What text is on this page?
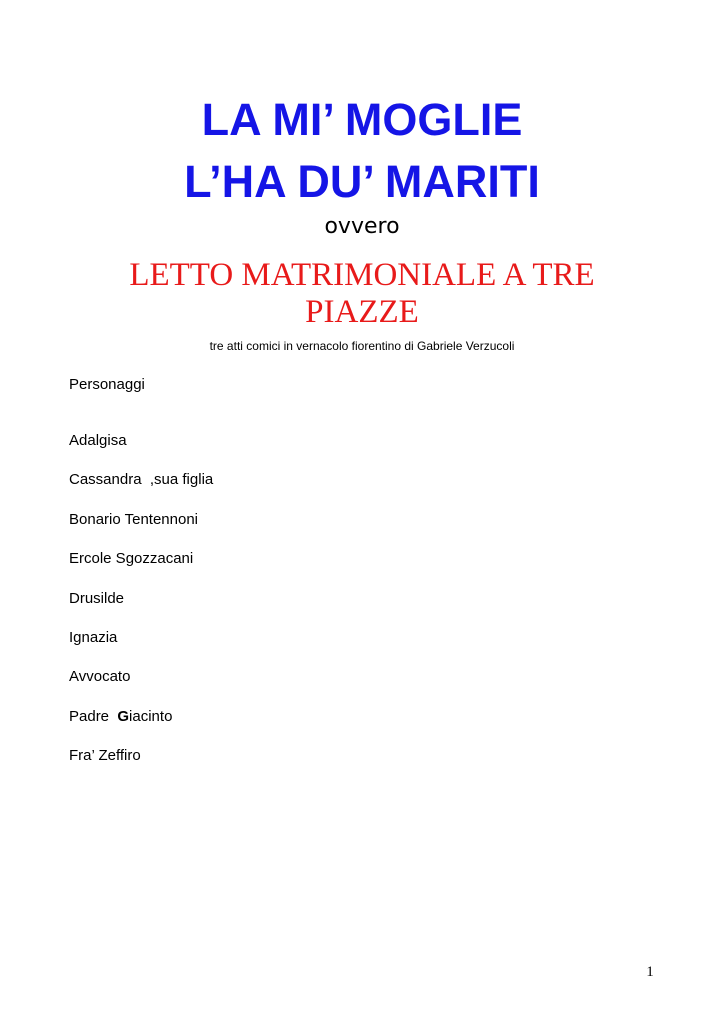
LA MI’ MOGLIE
L’HA DU’ MARITI
ovvero
LETTO MATRIMONIALE A TRE PIAZZE
tre atti comici in vernacolo fiorentino di Gabriele Verzucoli
Personaggi
Adalgisa
Cassandra  ,sua figlia
Bonario Tentennoni
Ercole Sgozzacani
Drusilde
Ignazia
Avvocato
Padre  Giacinto
Fra’ Zeffiro
1
